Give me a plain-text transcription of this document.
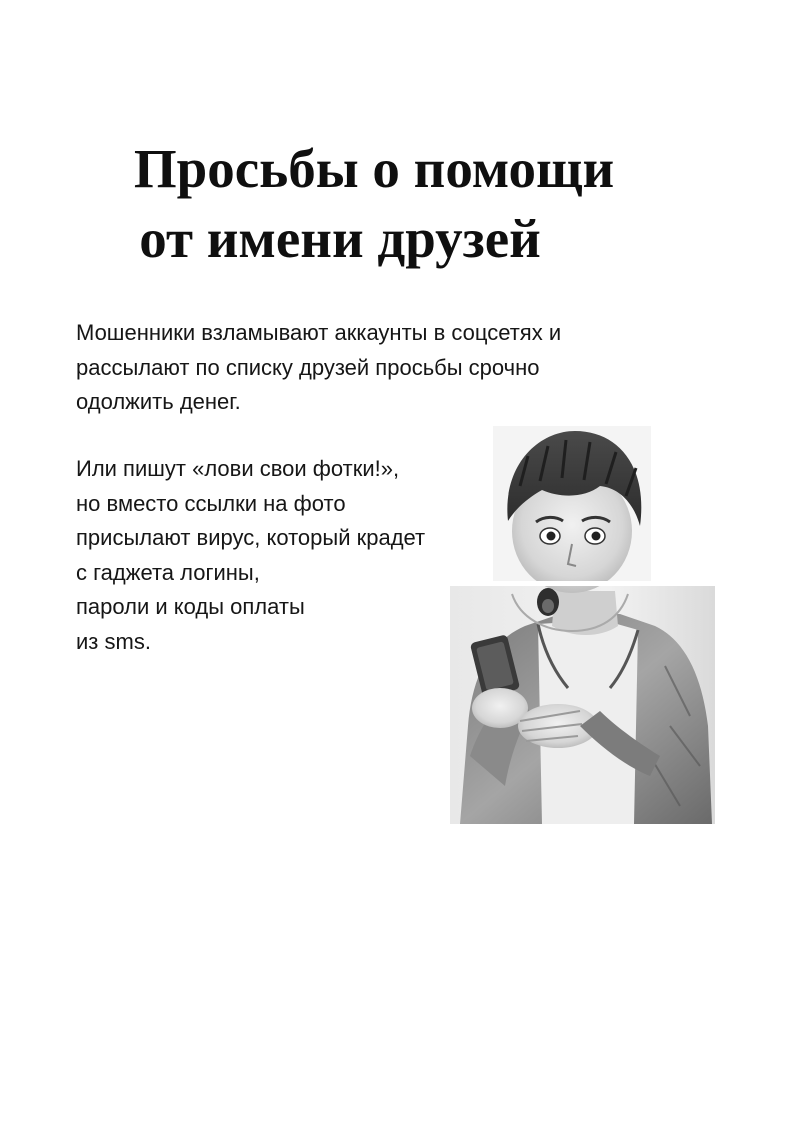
Просьбы о помощи
от имени друзей

Мошенники взламывают аккаунты в соцсетях и
рассылают по списку друзей просьбы срочно
одолжить денег.

Или пишут «лови свои фотки!»,
но вместо ссылки на фото
присылают вирус, который крадет
с гаджета логины,
пароли и коды оплаты
из sms.
